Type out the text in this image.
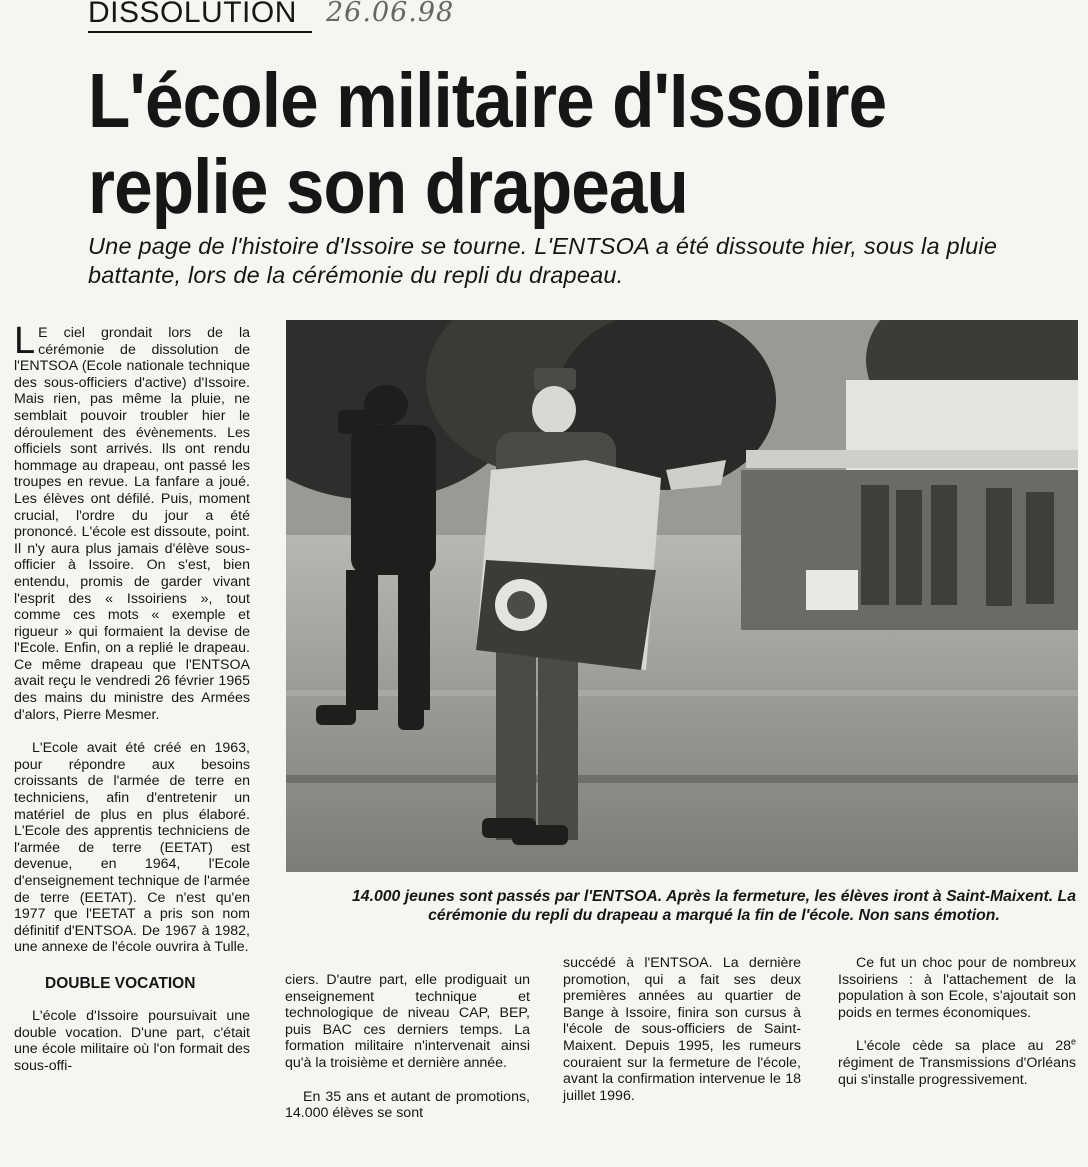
DISSOLUTION 26.06.98
L'école militaire d'Issoire replie son drapeau

Une page de l'histoire d'Issoire se tourne. L'ENTSOA a été dissoute hier, sous la pluie battante, lors de la cérémonie du repli du drapeau.

L E ciel grondait lors de la cérémonie de dissolution de l'ENTSOA (Ecole nationale technique des sous-officiers d'active) d'Issoire. Mais rien, pas même la pluie, ne semblait pouvoir troubler hier le déroulement des évènements. Les officiels sont arrivés. Ils ont rendu hommage au drapeau, ont passé les troupes en revue. La fanfare a joué. Les élèves ont défilé. Puis, moment crucial, l'ordre du jour a été prononcé. L'école est dissoute, point. Il n'y aura plus jamais d'élève sous-officier à Issoire. On s'est, bien entendu, promis de garder vivant l'esprit des « Issoiriens », tout comme ces mots « exemple et rigueur » qui formaient la devise de l'Ecole. Enfin, on a replié le drapeau. Ce même drapeau que l'ENTSOA avait reçu le vendredi 26 février 1965 des mains du ministre des Armées d'alors, Pierre Mesmer.

L'Ecole avait été créé en 1963, pour répondre aux besoins croissants de l'armée de terre en techniciens, afin d'entretenir un matériel de plus en plus élaboré. L'Ecole des apprentis techniciens de l'armée de terre (EETAT) est devenue, en 1964, l'Ecole d'enseignement technique de l'armée de terre (EETAT). Ce n'est qu'en 1977 que l'EETAT a pris son nom définitif d'ENTSOA. De 1967 à 1982, une annexe de l'école ouvrira à Tulle.

DOUBLE VOCATION

L'école d'Issoire poursuivait une double vocation. D'une part, c'était une école militaire où l'on formait des sous-offi-

14.000 jeunes sont passés par l'ENTSOA. Après la fermeture, les élèves iront à Saint-Maixent. La cérémonie du repli du drapeau a marqué la fin de l'école. Non sans émotion.

ciers. D'autre part, elle prodiguait un enseignement technique et technologique de niveau CAP, BEP, puis BAC ces derniers temps. La formation militaire n'intervenait ainsi qu'à la troisième et dernière année.

En 35 ans et autant de promotions, 14.000 élèves se sont

succédé à l'ENTSOA. La dernière promotion, qui a fait ses deux premières années au quartier de Bange à Issoire, finira son cursus à l'école de sous-officiers de Saint-Maixent. Depuis 1995, les rumeurs couraient sur la fermeture de l'école, avant la confirmation intervenue le 18 juillet 1996.

Ce fut un choc pour de nombreux Issoiriens : à l'attachement de la population à son Ecole, s'ajoutait son poids en termes économiques.

L'école cède sa place au 28e régiment de Transmissions d'Orléans qui s'installe progressivement.
